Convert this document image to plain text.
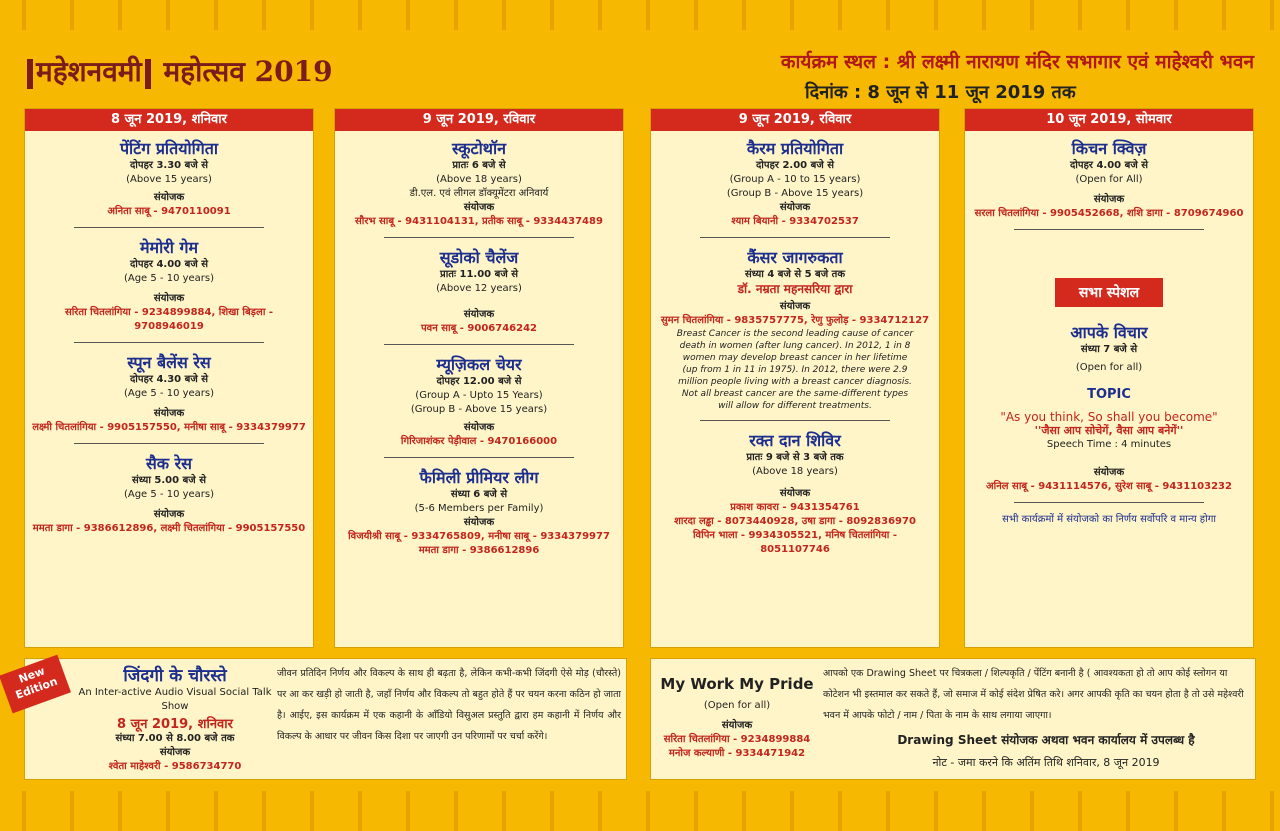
महेशनवमी महोत्सव 2019	कार्यक्रम स्थल : श्री लक्ष्मी नारायण मंदिर सभागार एवं माहेश्वरी भवन
दिनांक : 8 जून से 11 जून 2019 तक
8 जून 2019, शनिवार
पेंटिंग प्रतियोगिता
दोपहर 3.30 बजे से
(Above 15 years)
संयोजक
अनिता साबू - 9470110091
मेमोरी गेम
दोपहर 4.00 बजे से
(Age 5 - 10 years)
संयोजक
सरिता चितलांगिया - 9234899884, शिखा बिड़ला - 9708946019
स्पून बैलेंस रेस
दोपहर 4.30 बजे से
(Age 5 - 10 years)
संयोजक
लक्ष्मी चितलांगिया - 9905157550, मनीषा साबू - 9334379977
सैक रेस
संध्या 5.00 बजे से
(Age 5 - 10 years)
संयोजक
ममता डागा - 9386612896, लक्ष्मी चितलांगिया - 9905157550
9 जून 2019, रविवार
स्कूटोथॉन
प्रातः 6 बजे से
(Above 18 years)
डी.एल. एवं लीगल डॉक्यूमेंटरा अनिवार्य
संयोजक
सौरभ साबू - 9431104131, प्रतीक साबू - 9334437489
सूडोको चैलेंज
प्रातः 11.00 बजे से
(Above 12 years)
संयोजक
पवन साबू - 9006746242
म्यूज़िकल चेयर
दोपहर 12.00 बजे से
(Group A - Upto 15 Years)
(Group B - Above 15 years)
संयोजक
गिरिजाशंकर पेड़ीवाल - 9470166000
फैमिली प्रीमियर लीग
संध्या 6 बजे से
(5-6 Members per Family)
संयोजक
विजयीश्री साबू - 9334765809, मनीषा साबू - 9334379977
ममता डागा - 9386612896
9 जून 2019, रविवार
कैरम प्रतियोगिता
दोपहर 2.00 बजे से
(Group A - 10 to 15 years)
(Group B - Above 15 years)
संयोजक
श्याम बियानी - 9334702537
कैंसर जागरुकता
संध्या 4 बजे से 5 बजे तक
डॉ. नम्रता महनसरिया द्वारा
संयोजक
सुमन चितलांगिया - 9835757775, रेणु फुलोड़ - 9334712127
Breast Cancer is the second leading cause of cancer death in women (after lung cancer). In 2012, 1 in 8 women may develop breast cancer in her lifetime (up from 1 in 11 in 1975). In 2012, there were 2.9 million people living with a breast cancer diagnosis. Not all breast cancer are the same-different types will allow for different treatments.
रक्त दान शिविर
प्रातः 9 बजे से 3 बजे तक
(Above 18 years)
संयोजक
प्रकाश कावरा - 9431354761
शारदा लड्ढा - 8073440928, उषा डागा - 8092836970
विपिन भाला - 9934305521, मनिष चितलांगिया - 8051107746
10 जून 2019, सोमवार
किचन क्विज़
दोपहर 4.00 बजे से
(Open for All)
संयोजक
सरला चितलांगिया - 9905452668, शशि डागा - 8709674960
सभा स्पेशल
आपके विचार
संध्या 7 बजे से
(Open for all)
TOPIC
"As you think, So shall you become"
''जैसा आप सोचेगें, वैसा आप बनेगें''
Speech Time : 4 minutes
संयोजक
अनिल साबू - 9431114576, सुरेश साबू - 9431103232
सभी कार्यक्रमों में संयोजको का निर्णय सर्वोपरि व मान्य होगा
जिंदगी के चौरस्ते
An Inter-active Audio Visual Social Talk Show
8 जून 2019, शनिवार
संध्या 7.00 से 8.00 बजे तक
संयोजक
श्वेता माहेश्वरी - 9586734770
जीवन प्रतिदिन निर्णय और विकल्प के साथ ही बढ़ता है, लेकिन कभी-कभी जिंदगी ऐसे मोड़ (चौरस्ते) पर आ कर खड़ी हो जाती है, जहाँ निर्णय और विकल्प तो बहुत होते हैं पर चयन करना कठिन हो जाता है। आईए, इस कार्यक्रम में एक कहानी के आँडियो विसुअल प्रस्तुति द्वारा हम कहानी में निर्णय और विकल्प के आधार पर जीवन किस दिशा पर जाएगी उन परिणामों पर चर्चा करेंगे।
New Edition	My Work My Pride
(Open for all)
संयोजक
सरिता चितलांगिया - 9234899884
मनोज कल्याणी - 9334471942
आपको एक Drawing Sheet पर चित्रकला / शिल्पकृति / पेंटिंग बनानी है ( आवश्यकता हो तो आप कोई स्लोगन या कोटेशन भी इस्तमाल कर सकते हैं, जो समाज में कोई संदेश प्रेषित करे। अगर आपकी कृति का चयन होता है तो उसे महेश्वरी भवन में आपके फोटो / नाम / पिता के नाम के साथ लगाया जाएगा।
Drawing Sheet संयोजक अथवा भवन कार्यालय में उपलब्ध है
नोट - जमा करने कि अतिंम तिथि शनिवार, 8 जून 2019
